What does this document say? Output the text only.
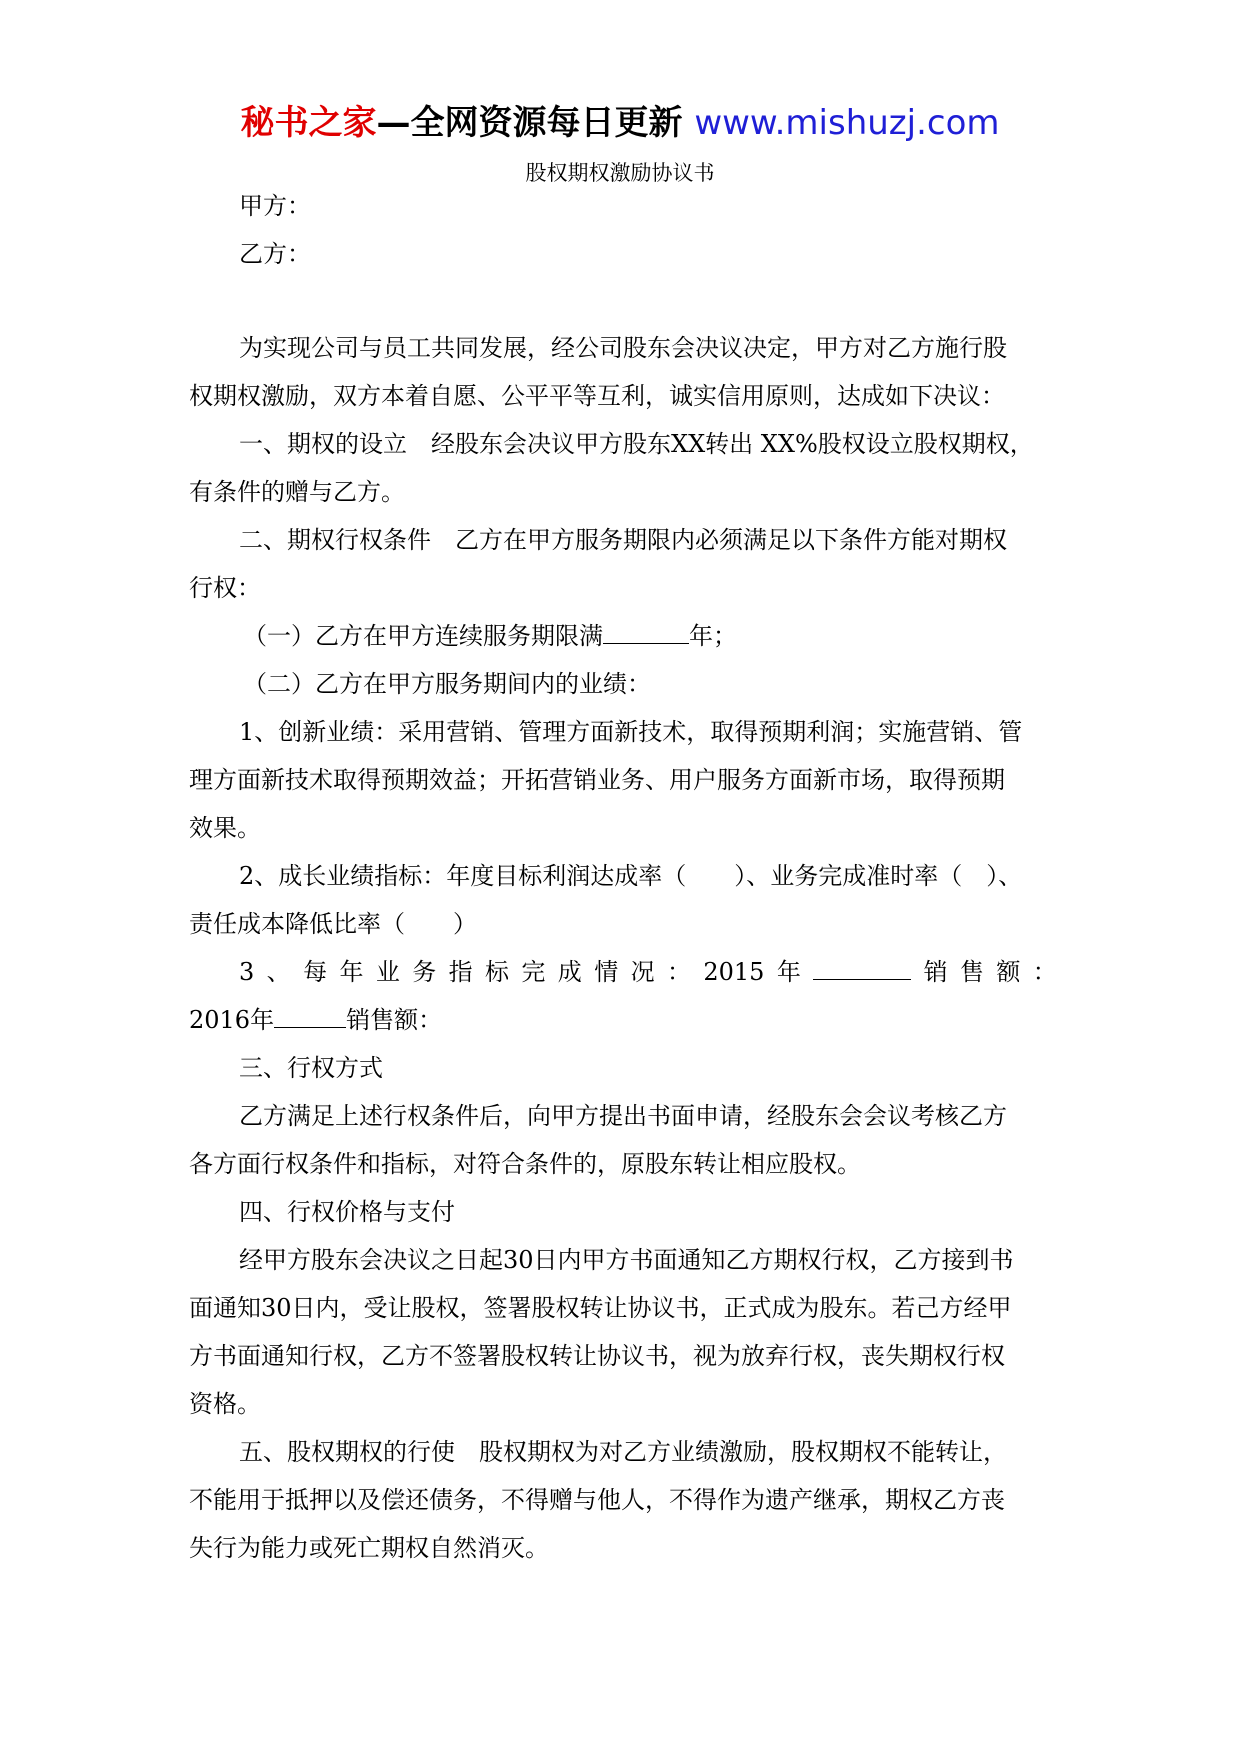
秘书之家—全网资源每日更新 www.mishuzj.com
股权期权激励协议书
甲方：
乙方：
为实现公司与员工共同发展，经公司股东会决议决定，甲方对乙方施行股
权期权激励，双方本着自愿、公平平等互利，诚实信用原则，达成如下决议：
一、期权的设立　经股东会决议甲方股东XX转出 XX%股权设立股权期权，
有条件的赠与乙方。
二、期权行权条件　乙方在甲方服务期限内必须满足以下条件方能对期权
行权：
（一）乙方在甲方连续服务期限满	年；
（二）乙方在甲方服务期间内的业绩：
1、创新业绩：采用营销、管理方面新技术，取得预期利润；实施营销、管
理方面新技术取得预期效益；开拓营销业务、用户服务方面新市场，取得预期
效果。
2、成长业绩指标：年度目标利润达成率（　　）、业务完成准时率（　）、
责任成本降低比率（　　）
3 、 每 年 业 务 指 标 完 成 情 况 ： 2015 年	销 售 额 ：
2016年	销售额：
三、行权方式
乙方满足上述行权条件后，向甲方提出书面申请，经股东会会议考核乙方
各方面行权条件和指标，对符合条件的，原股东转让相应股权。
四、行权价格与支付
经甲方股东会决议之日起30日内甲方书面通知乙方期权行权，乙方接到书
面通知30日内，受让股权，签署股权转让协议书，正式成为股东。若己方经甲
方书面通知行权，乙方不签署股权转让协议书，视为放弃行权，丧失期权行权
资格。
五、股权期权的行使　股权期权为对乙方业绩激励，股权期权不能转让，
不能用于抵押以及偿还债务，不得赠与他人，不得作为遗产继承，期权乙方丧
失行为能力或死亡期权自然消灭。
